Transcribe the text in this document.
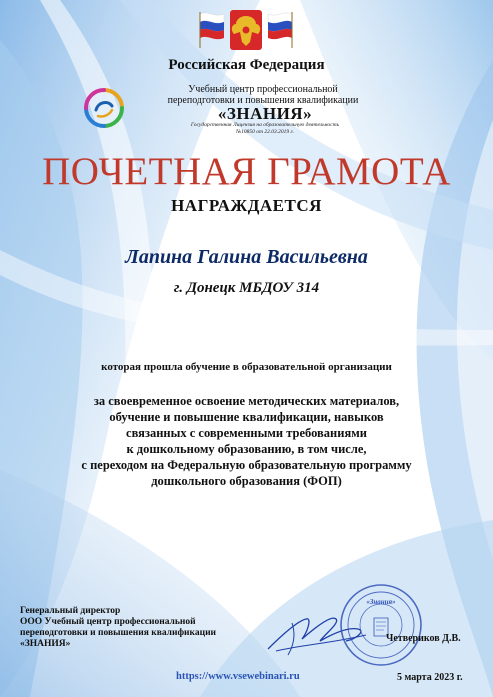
Российская Федерация
Учебный центр профессиональной
переподготовки и повышения квалификации
«ЗНАНИЯ»
Государственная Лицензия на образовательную деятельность
№10850 от 22.03.2019 г.
ПОЧЕТНАЯ ГРАМОТА
НАГРАЖДАЕТСЯ
Лапина Галина Васильевна
г. Донецк МБДОУ 314
которая прошла обучение в образовательной организации
за своевременное освоение методических материалов,
обучение и повышение квалификации, навыков
связанных с современными требованиями
к дошкольному образованию, в том числе,
с переходом на Федеральную образовательную программу
дошкольного образования (ФОП)
Генеральный директор
ООО Учебный центр профессиональной
переподготовки и повышения квалификации
«ЗНАНИЯ»
«Знания»
Четвериков Д.В.
https://www.vsewebinari.ru	5 марта 2023 г.
